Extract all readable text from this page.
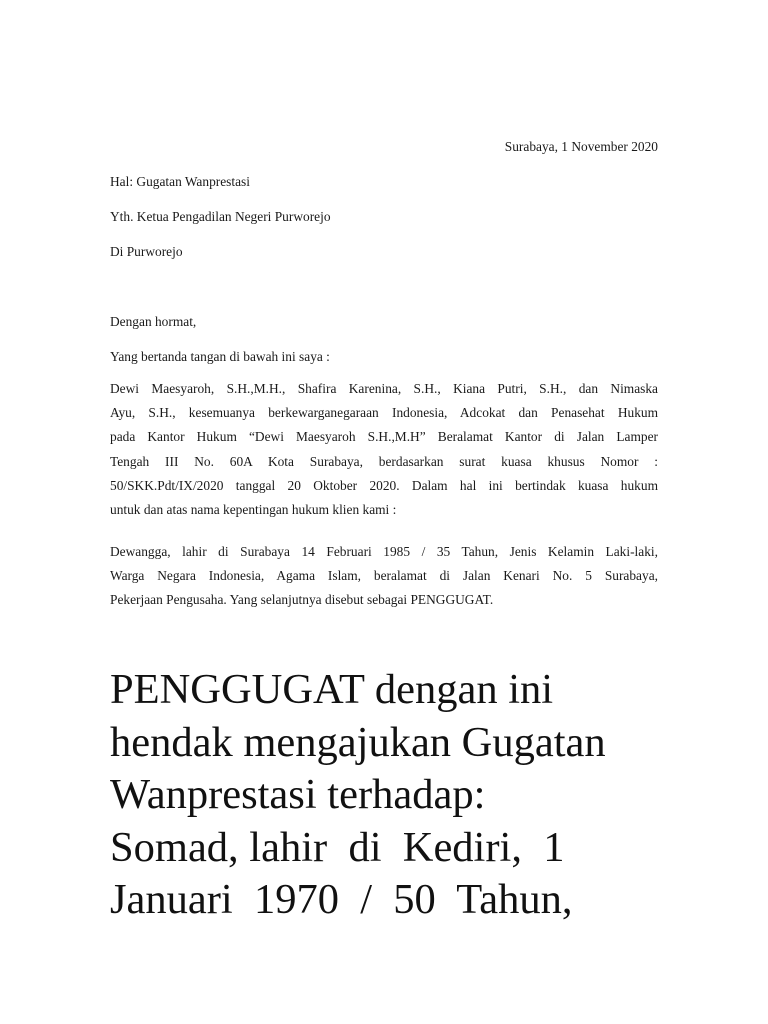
Surabaya, 1 November 2020
Hal: Gugatan Wanprestasi
Yth. Ketua Pengadilan Negeri Purworejo
Di Purworejo
Dengan hormat,
Yang bertanda tangan di bawah ini saya :
Dewi Maesyaroh, S.H.,M.H., Shafira Karenina, S.H., Kiana Putri, S.H., dan Nimaska
Ayu, S.H., kesemuanya berkewarganegaraan Indonesia, Adcokat dan Penasehat Hukum
pada Kantor Hukum “Dewi Maesyaroh S.H.,M.H” Beralamat Kantor di Jalan Lamper
Tengah III No. 60A Kota Surabaya, berdasarkan surat kuasa khusus Nomor :
50/SKK.Pdt/IX/2020 tanggal 20 Oktober 2020. Dalam hal ini bertindak kuasa hukum
untuk dan atas nama kepentingan hukum klien kami :
Dewangga, lahir di Surabaya 14 Februari 1985 / 35 Tahun, Jenis Kelamin Laki-laki,
Warga Negara Indonesia, Agama Islam, beralamat di Jalan Kenari No. 5 Surabaya,
Pekerjaan Pengusaha. Yang selanjutnya disebut sebagai PENGGUGAT.
PENGGUGAT dengan ini
hendak mengajukan Gugatan
Wanprestasi terhadap:
Somad, lahir  di  Kediri,  1
Januari  1970  /  50  Tahun,
